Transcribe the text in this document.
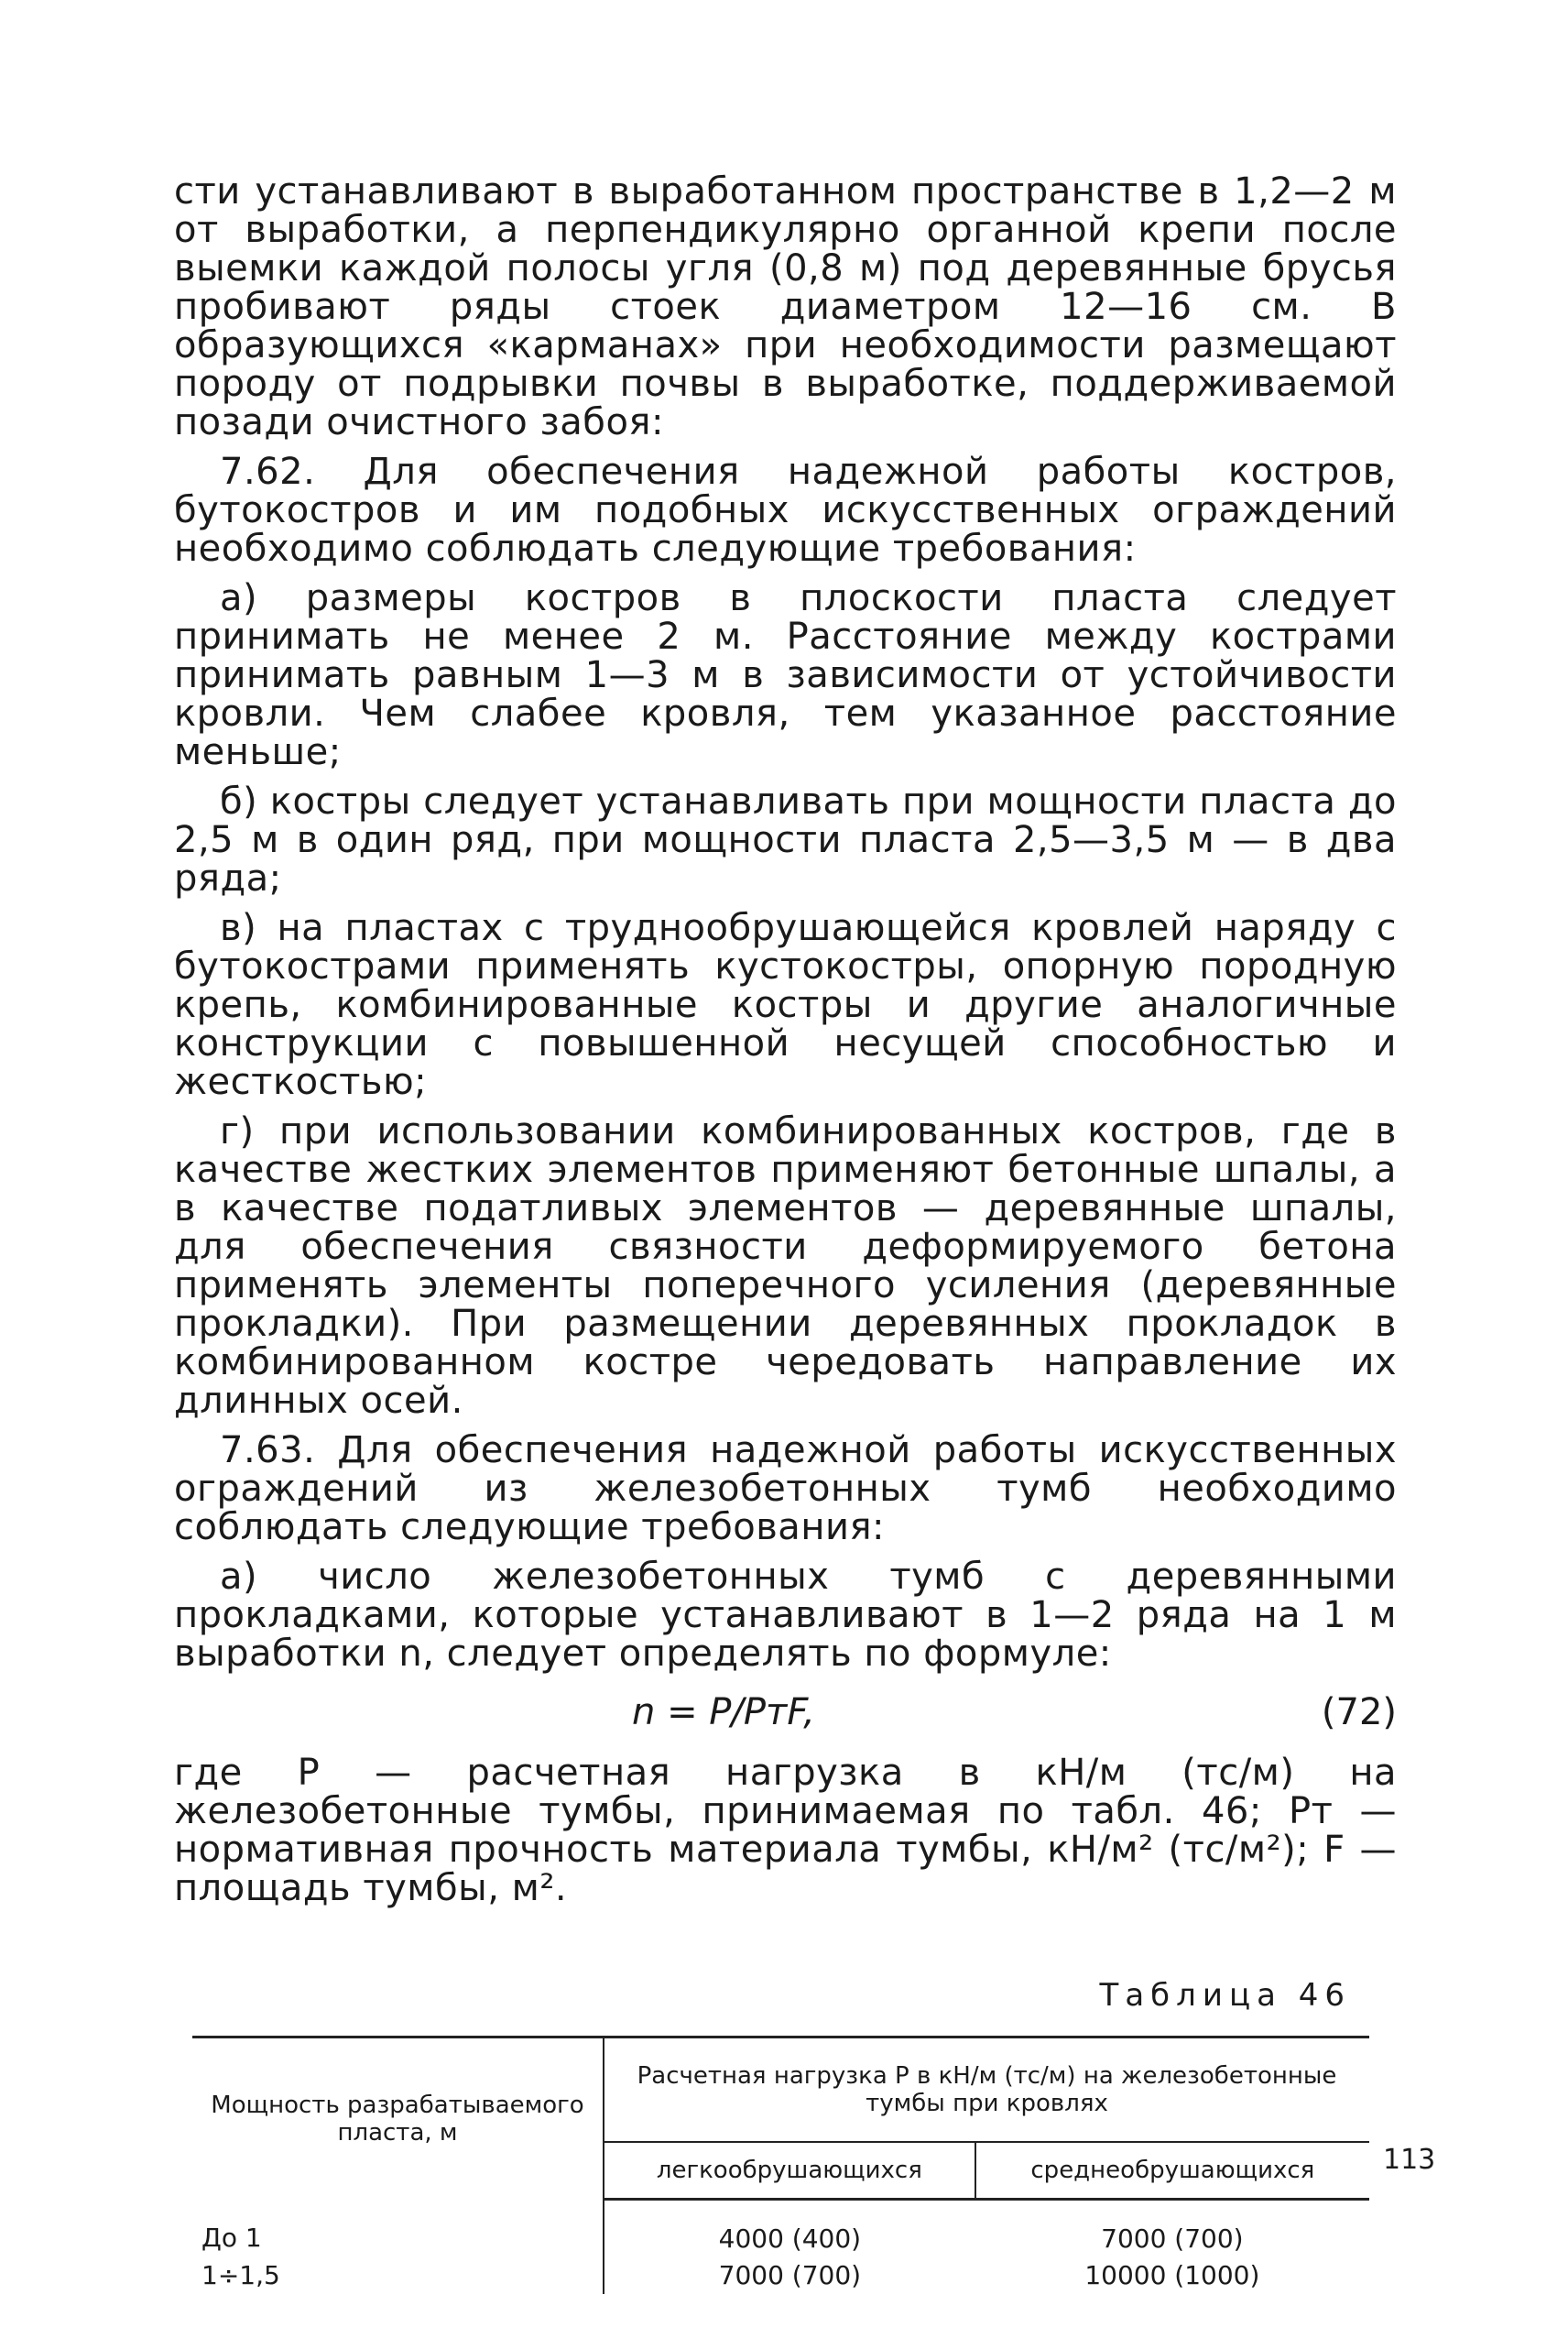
сти устанавливают в выработанном пространстве в 1,2—2 м от выработки, а перпендикулярно органной крепи после выемки каждой полосы угля (0,8 м) под деревянные брусья пробивают ряды стоек диаметром 12—16 см. В образующихся «карманах» при необходимости размещают породу от подрывки почвы в выработке, поддерживаемой позади очистного забоя:

7.62. Для обеспечения надежной работы костров, бутокостров и им подобных искусственных ограждений необходимо соблюдать следующие требования:

а) размеры костров в плоскости пласта следует принимать не менее 2 м. Расстояние между кострами принимать равным 1—3 м в зависимости от устойчивости кровли. Чем слабее кровля, тем указанное расстояние меньше;

б) костры следует устанавливать при мощности пласта до 2,5 м в один ряд, при мощности пласта 2,5—3,5 м — в два ряда;

в) на пластах с труднообрушающейся кровлей наряду с бутокострами применять кустокостры, опорную породную крепь, комбинированные костры и другие аналогичные конструкции с повышенной несущей способностью и жесткостью;

г) при использовании комбинированных костров, где в качестве жестких элементов применяют бетонные шпалы, а в качестве податливых элементов — деревянные шпалы, для обеспечения связности деформируемого бетона применять элементы поперечного усиления (деревянные прокладки). При размещении деревянных прокладок в комбинированном костре чередовать направление их длинных осей.

7.63. Для обеспечения надежной работы искусственных ограждений из железобетонных тумб необходимо соблюдать следующие требования:

а) число железобетонных тумб с деревянными прокладками, которые устанавливают в 1—2 ряда на 1 м выработки n, следует определять по формуле:

n = P/PтF,	(72)

где P — расчетная нагрузка в кН/м (тс/м) на железобетонные тумбы, принимаемая по табл. 46; Pт — нормативная прочность материала тумбы, кН/м² (тс/м²); F — площадь тумбы, м².

Таблица 46
Мощность разрабатываемого пласта, м	Расчетная нагрузка P в кН/м (тс/м) на железобетонные тумбы при кровлях	
	легкообрушающихся	среднеобрушающихся
До 1	4000 (400)	7000 (700)
1÷1,5	7000 (700)	10000 (1000)
113
